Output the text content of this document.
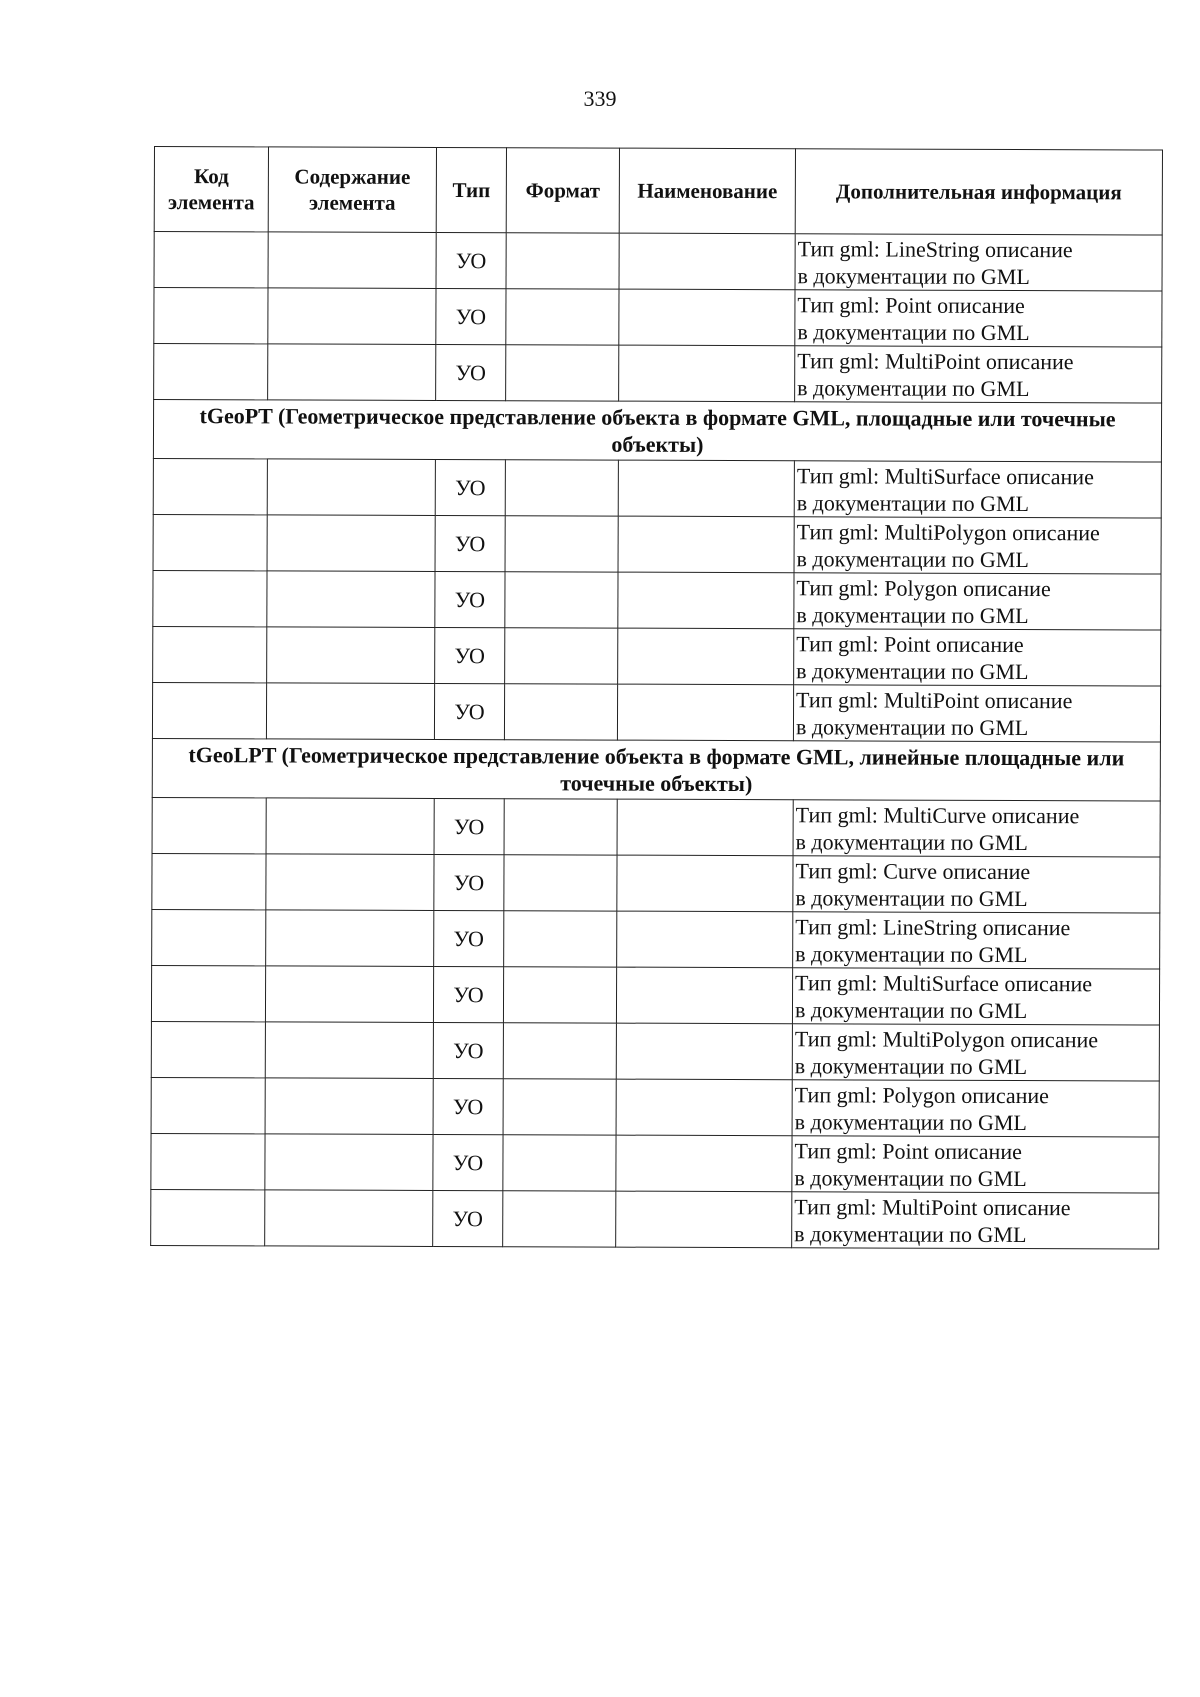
339
Код элемента	Содержание элемента	Тип	Формат	Наименование	Дополнительная информация
		УО			Тип gml: LineString описание
в документации по GML

		УО			Тип gml: Point описание
в документации по GML

		УО			Тип gml: MultiPoint описание
в документации по GML

tGeoPT (Геометрическое представление объекта в формате GML, площадные или точечные объекты)					
		УО			Тип gml: MultiSurface описание
в документации по GML

		УО			Тип gml: MultiPolygon описание
в документации по GML

		УО			Тип gml: Polygon описание
в документации по GML

		УО			Тип gml: Point описание
в документации по GML

		УО			Тип gml: MultiPoint описание
в документации по GML

tGeoLPT (Геометрическое представление объекта в формате GML, линейные площадные или точечные объекты)					
		УО			Тип gml: MultiCurve описание
в документации по GML

		УО			Тип gml: Curve описание
в документации по GML

		УО			Тип gml: LineString описание
в документации по GML

		УО			Тип gml: MultiSurface описание
в документации по GML

		УО			Тип gml: MultiPolygon описание
в документации по GML

		УО			Тип gml: Polygon описание
в документации по GML

		УО			Тип gml: Point описание
в документации по GML

		УО			Тип gml: MultiPoint описание
в документации по GML
